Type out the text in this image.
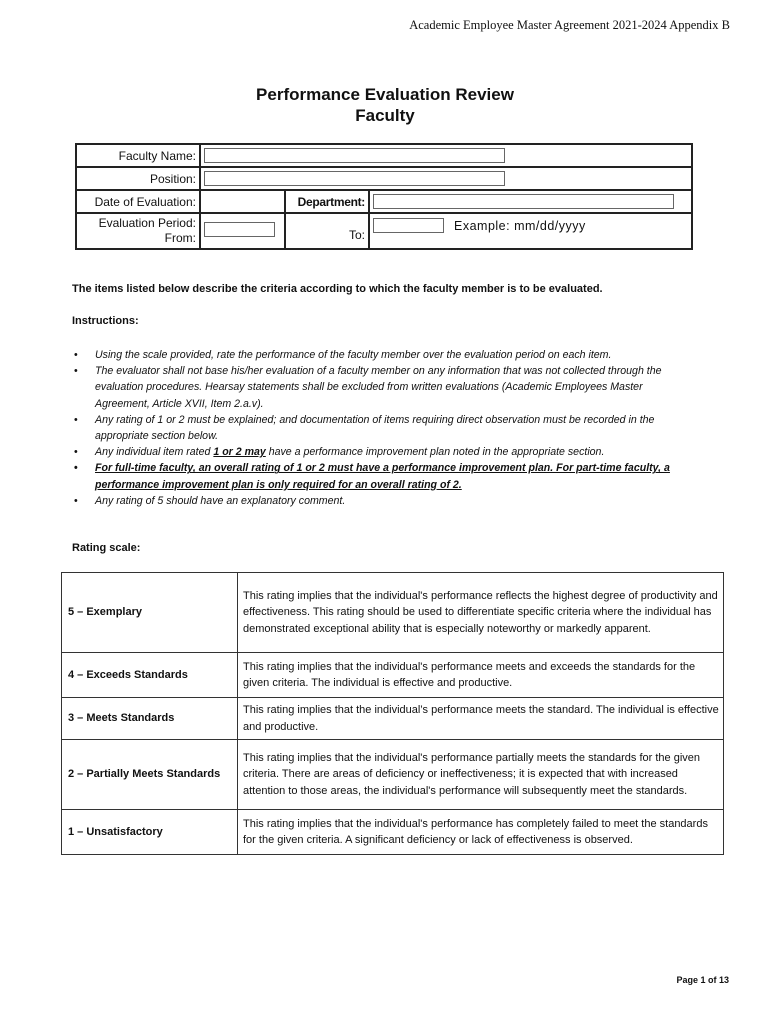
Academic Employee Master Agreement 2021-2024 Appendix B
Performance Evaluation Review
Faculty
Faculty Name:			

Position:			

Date of Evaluation:		Department:	

Evaluation Period:
From:		To:	Example: mm/dd/yyyy
The items listed below describe the criteria according to which the faculty member is to be evaluated.
Instructions:
• Using the scale provided, rate the performance of the faculty member over the evaluation period on each item.
• The evaluator shall not base his/her evaluation of a faculty member on any information that was not collected through the evaluation procedures. Hearsay statements shall be excluded from written evaluations (Academic Employees Master Agreement, Article XVII, Item 2.a.v).
• Any rating of 1 or 2 must be explained; and documentation of items requiring direct observation must be recorded in the appropriate section below.
• Any individual item rated 1 or 2 may have a performance improvement plan noted in the appropriate section.
• For full-time faculty, an overall rating of 1 or 2 must have a performance improvement plan. For part-time faculty, a performance improvement plan is only required for an overall rating of 2.
• Any rating of 5 should have an explanatory comment.
Rating scale:
5 – Exemplary	This rating implies that the individual's performance reflects the highest degree of productivity and effectiveness. This rating should be used to differentiate specific criteria where the individual has demonstrated exceptional ability that is especially noteworthy or markedly apparent.
4 – Exceeds Standards	This rating implies that the individual's performance meets and exceeds the standards for the given criteria. The individual is effective and productive.
3 – Meets Standards	This rating implies that the individual’s performance meets the standard. The individual is effective and productive.
2 – Partially Meets Standards	This rating implies that the individual's performance partially meets the standards for the given criteria. There are areas of deficiency or ineffectiveness; it is expected that with increased attention to those areas, the individual's performance will subsequently meet the standards.
1 – Unsatisfactory	This rating implies that the individual's performance has completely failed to meet the standards for the given criteria. A significant deficiency or lack of effectiveness is observed.
Page 1 of 13
